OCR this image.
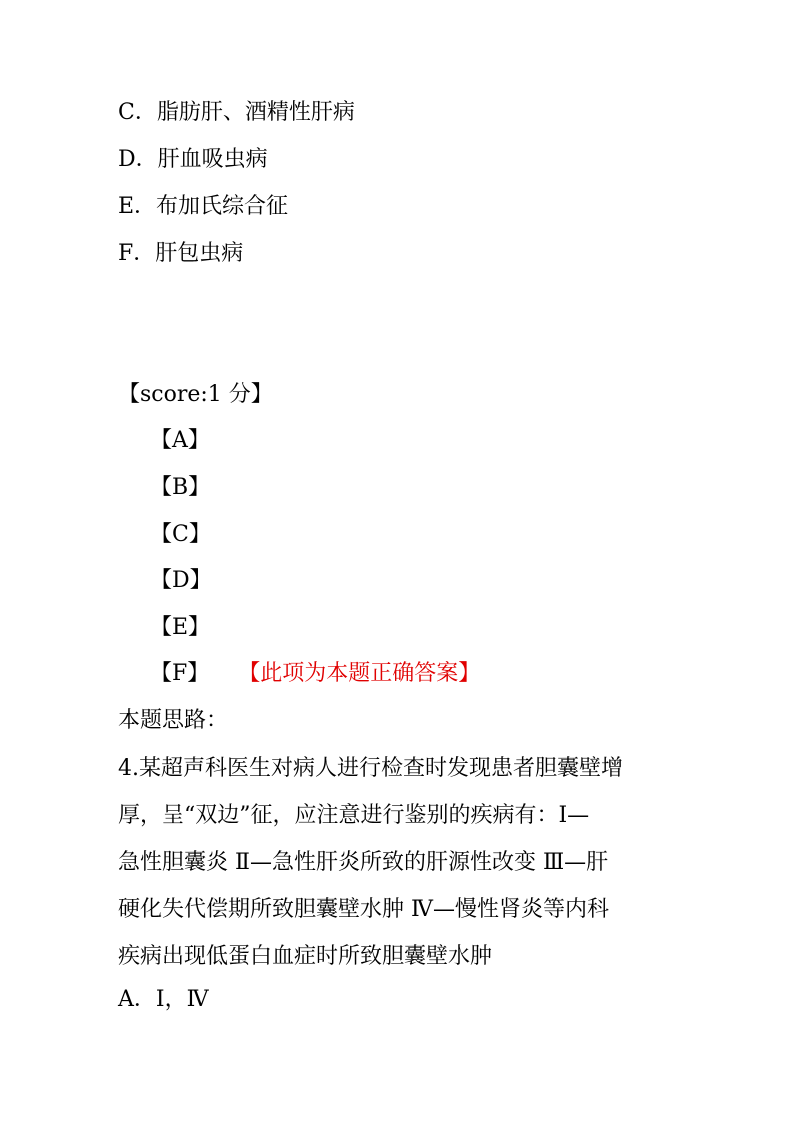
C．脂肪肝、酒精性肝病
D．肝血吸虫病
E．布加氏综合征
F．肝包虫病
【score:1 分】
【A】
【B】
【C】
【D】
【E】
【F】 【此项为本题正确答案】
本题思路：
4.某超声科医生对病人进行检查时发现患者胆囊壁增
厚，呈“双边”征，应注意进行鉴别的疾病有：Ⅰ—
急性胆囊炎 Ⅱ—急性肝炎所致的肝源性改变 Ⅲ—肝
硬化失代偿期所致胆囊壁水肿 Ⅳ—慢性肾炎等内科
疾病出现低蛋白血症时所致胆囊壁水肿
A．Ⅰ，Ⅳ
